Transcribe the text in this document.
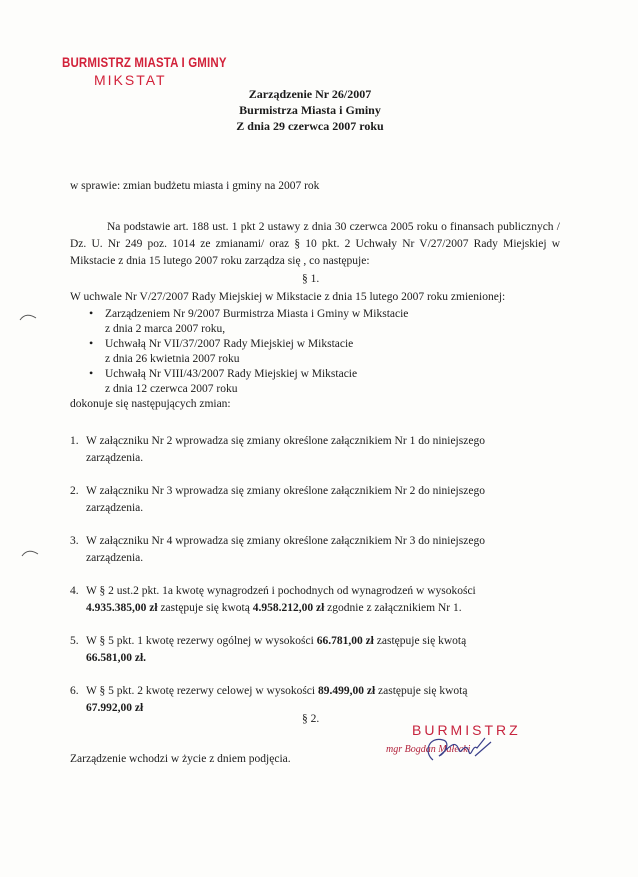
BURMISTRZ MIASTA I GMINY
MIKSTAT
Zarządzenie Nr 26/2007
Burmistrza Miasta i Gminy
Z dnia 29 czerwca 2007 roku
w sprawie: zmian budżetu miasta i gminy na 2007 rok
Na podstawie art. 188 ust. 1 pkt 2 ustawy z dnia 30 czerwca 2005 roku o finansach publicznych / Dz. U. Nr 249 poz. 1014 ze zmianami/ oraz § 10 pkt. 2 Uchwały Nr V/27/2007 Rady Miejskiej w Mikstacie z dnia 15 lutego 2007 roku zarządza się , co następuje:
§ 1.
W uchwale Nr V/27/2007 Rady Miejskiej w Mikstacie z dnia 15 lutego 2007 roku zmienionej:
• Zarządzeniem Nr 9/2007 Burmistrza Miasta i Gminy w Mikstacie
z dnia 2 marca 2007 roku,
• Uchwałą Nr VII/37/2007 Rady Miejskiej w Mikstacie
z dnia 26 kwietnia 2007 roku
• Uchwałą Nr VIII/43/2007 Rady Miejskiej w Mikstacie
z dnia 12 czerwca 2007 roku
dokonuje się następujących zmian:
1. W załączniku Nr 2 wprowadza się zmiany określone załącznikiem Nr 1 do niniejszego
zarządzenia.
2. W załączniku Nr 3 wprowadza się zmiany określone załącznikiem Nr 2 do niniejszego
zarządzenia.
3. W załączniku Nr 4 wprowadza się zmiany określone załącznikiem Nr 3 do niniejszego
zarządzenia.
4. W § 2 ust.2 pkt. 1a kwotę wynagrodzeń i pochodnych od wynagrodzeń w wysokości
4.935.385,00 zł zastępuje się kwotą 4.958.212,00 zł zgodnie z załącznikiem Nr 1.
5. W § 5 pkt. 1 kwotę rezerwy ogólnej w wysokości 66.781,00 zł zastępuje się kwotą
66.581,00 zł.
6. W § 5 pkt. 2 kwotę rezerwy celowej w wysokości 89.499,00 zł zastępuje się kwotą
67.992,00 zł
§ 2.
Zarządzenie wchodzi w życie z dniem podjęcia.
BURMISTRZ
mgr Bogdan Małecki
